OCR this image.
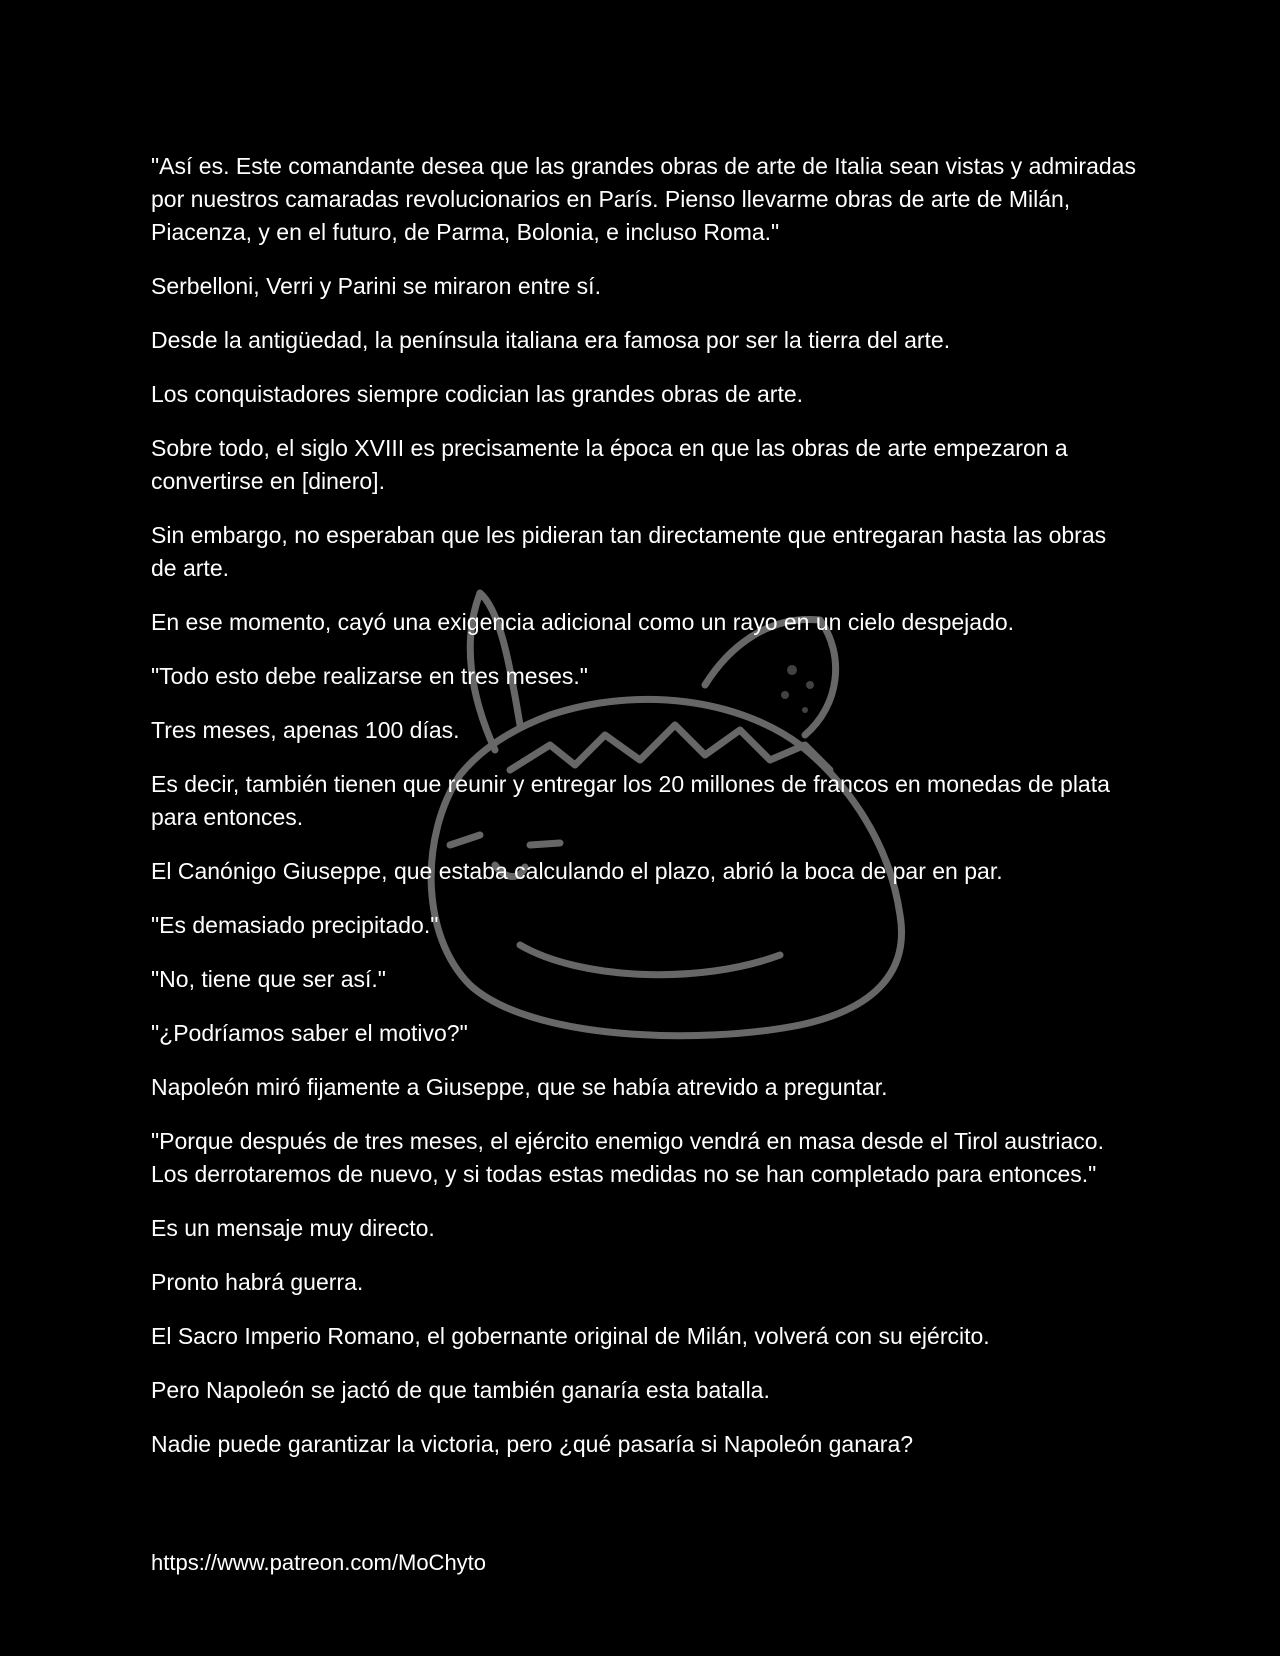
"Así es. Este comandante desea que las grandes obras de arte de Italia sean vistas y admiradas por nuestros camaradas revolucionarios en París. Pienso llevarme obras de arte de Milán, Piacenza, y en el futuro, de Parma, Bolonia, e incluso Roma."

Serbelloni, Verri y Parini se miraron entre sí.

Desde la antigüedad, la península italiana era famosa por ser la tierra del arte.

Los conquistadores siempre codician las grandes obras de arte.

Sobre todo, el siglo XVIII es precisamente la época en que las obras de arte empezaron a convertirse en [dinero].

Sin embargo, no esperaban que les pidieran tan directamente que entregaran hasta las obras de arte.

En ese momento, cayó una exigencia adicional como un rayo en un cielo despejado.

"Todo esto debe realizarse en tres meses."

Tres meses, apenas 100 días.

Es decir, también tienen que reunir y entregar los 20 millones de francos en monedas de plata para entonces.

El Canónigo Giuseppe, que estaba calculando el plazo, abrió la boca de par en par.

"Es demasiado precipitado."

"No, tiene que ser así."

"¿Podríamos saber el motivo?"

Napoleón miró fijamente a Giuseppe, que se había atrevido a preguntar.

"Porque después de tres meses, el ejército enemigo vendrá en masa desde el Tirol austriaco. Los derrotaremos de nuevo, y si todas estas medidas no se han completado para entonces."

Es un mensaje muy directo.

Pronto habrá guerra.

El Sacro Imperio Romano, el gobernante original de Milán, volverá con su ejército.

Pero Napoleón se jactó de que también ganaría esta batalla.

Nadie puede garantizar la victoria, pero ¿qué pasaría si Napoleón ganara?

https://www.patreon.com/MoChyto
